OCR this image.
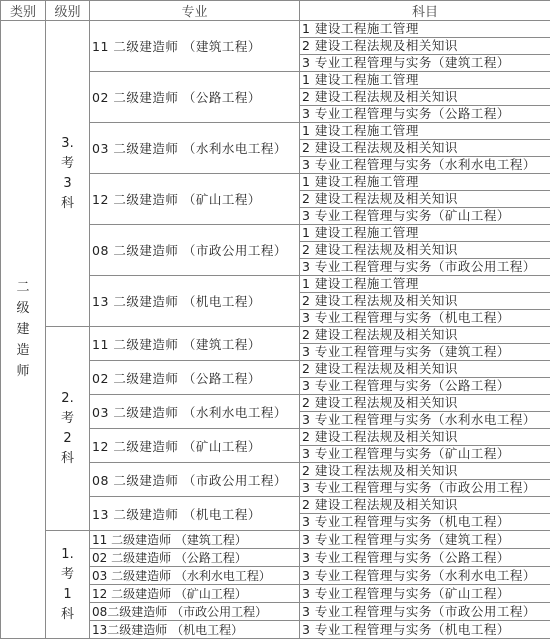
类别	级别	专业	科目
二级建造师	3.
考
3
科	11 二级建造师 （建筑工程）	1 建设工程施工管理
			2 建设工程法规及相关知识
			3 专业工程管理与实务（建筑工程）
		02 二级建造师 （公路工程）	1 建设工程施工管理
			2 建设工程法规及相关知识
			3 专业工程管理与实务（公路工程）
		03 二级建造师 （水利水电工程）	1 建设工程施工管理
			2 建设工程法规及相关知识
			3 专业工程管理与实务（水利水电工程）
		12 二级建造师 （矿山工程）	1 建设工程施工管理
			2 建设工程法规及相关知识
			3 专业工程管理与实务（矿山工程）
		08 二级建造师 （市政公用工程）	1 建设工程施工管理
			2 建设工程法规及相关知识
			3 专业工程管理与实务（市政公用工程）
		13 二级建造师 （机电工程）	1 建设工程施工管理
			2 建设工程法规及相关知识
			3 专业工程管理与实务（机电工程）

	2.
考
2
科	11 二级建造师 （建筑工程）	2 建设工程法规及相关知识
			3 专业工程管理与实务（建筑工程）
		02 二级建造师 （公路工程）	2 建设工程法规及相关知识
			3 专业工程管理与实务（公路工程）
		03 二级建造师 （水利水电工程）	2 建设工程法规及相关知识
			3 专业工程管理与实务（水利水电工程）
		12 二级建造师 （矿山工程）	2 建设工程法规及相关知识
			3 专业工程管理与实务（矿山工程）
		08 二级建造师 （市政公用工程）	2 建设工程法规及相关知识
			3 专业工程管理与实务（市政公用工程）
		13 二级建造师 （机电工程）	2 建设工程法规及相关知识
			3 专业工程管理与实务（机电工程）

	1.
考
1
科	11 二级建造师 （建筑工程）	3 专业工程管理与实务（建筑工程）
		02 二级建造师 （公路工程）	3 专业工程管理与实务（公路工程）
		03 二级建造师 （水利水电工程）	3 专业工程管理与实务（水利水电工程）
		12 二级建造师 （矿山工程）	3 专业工程管理与实务（矿山工程）
		08二级建造师 （市政公用工程）	3 专业工程管理与实务（市政公用工程）
		13二级建造师 （机电工程）	3 专业工程管理与实务（机电工程）
